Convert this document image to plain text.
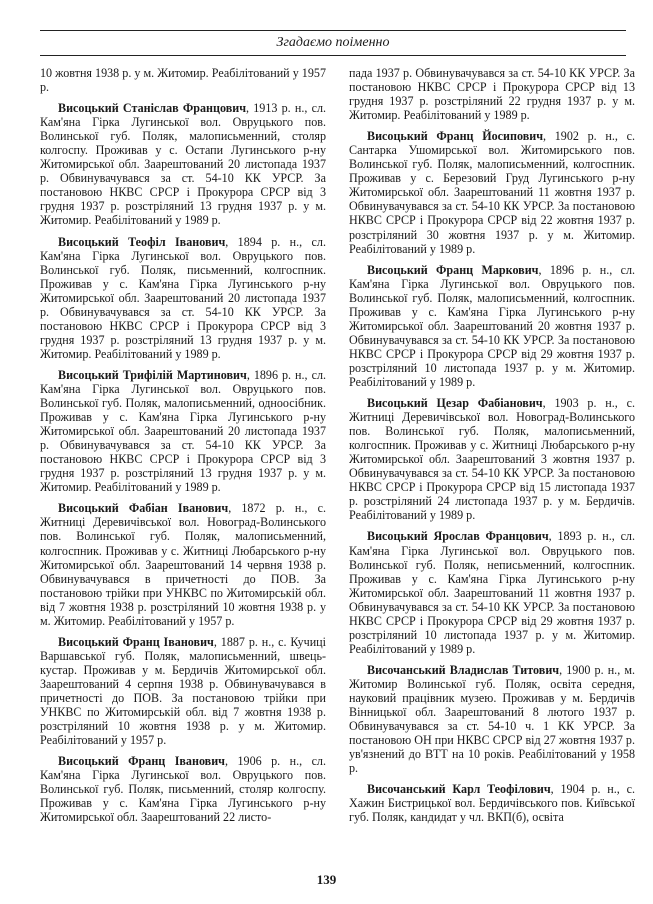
Згадаємо поіменно

10 жовтня 1938 р. у м. Житомир. Реабілітований у 1957 р.

Висоцький Станіслав Францович, 1913 р. н., сл. Кам'яна Гірка Лугинської вол. Овруцького пов. Волинської губ. Поляк, малописьменний, столяр колгоспу. Проживав у с. Остапи Лугинського р-ну Житомирської обл. Заарештований 20 листопада 1937 р. Обвинувачувався за ст. 54-10 КК УРСР. За постановою НКВС СРСР і Прокурора СРСР від 3 грудня 1937 р. розстріляний 13 грудня 1937 р. у м. Житомир. Реабілітований у 1989 р.

Висоцький Теофіл Іванович, 1894 р. н., сл. Кам'яна Гірка Лугинської вол. Овруцького пов. Волинської губ. Поляк, письменний, колгоспник. Проживав у с. Кам'яна Гірка Лугинського р-ну Житомирської обл. Заарештований 20 листопада 1937 р. Обвинувачувався за ст. 54-10 КК УРСР. За постановою НКВС СРСР і Прокурора СРСР від 3 грудня 1937 р. розстріляний 13 грудня 1937 р. у м. Житомир. Реабілітований у 1989 р.

Висоцький Трифілій Мартинович, 1896 р. н., сл. Кам'яна Гірка Лугинської вол. Овруцького пов. Волинської губ. Поляк, малописьменний, одноосібник. Проживав у с. Кам'яна Гірка Лугинського р-ну Житомирської обл. Заарештований 20 листопада 1937 р. Обвинувачувався за ст. 54-10 КК УРСР. За постановою НКВС СРСР і Прокурора СРСР від 3 грудня 1937 р. розстріляний 13 грудня 1937 р. у м. Житомир. Реабілітований у 1989 р.

Висоцький Фабіан Іванович, 1872 р. н., с. Житниці Деревичівської вол. Новоград-Волинського пов. Волинської губ. Поляк, малописьменний, колгоспник. Проживав у с. Житниці Любарського р-ну Житомирської обл. Заарештований 14 червня 1938 р. Обвинувачувався в причетності до ПОВ. За постановою трійки при УНКВС по Житомирській обл. від 7 жовтня 1938 р. розстріляний 10 жовтня 1938 р. у м. Житомир. Реабілітований у 1957 р.

Висоцький Франц Іванович, 1887 р. н., с. Кучиці Варшавської губ. Поляк, малописьменний, швець-кустар. Проживав у м. Бердичів Житомирської обл. Заарештований 4 серпня 1938 р. Обвинувачувався в причетності до ПОВ. За постановою трійки при УНКВС по Житомирській обл. від 7 жовтня 1938 р. розстріляний 10 жовтня 1938 р. у м. Житомир. Реабілітований у 1957 р.

Висоцький Франц Іванович, 1906 р. н., сл. Кам'яна Гірка Лугинської вол. Овруцького пов. Волинської губ. Поляк, письменний, столяр колгоспу. Проживав у с. Кам'яна Гірка Лугинського р-ну Житомирської обл. Заарештований 22 листо-

пада 1937 р. Обвинувачувався за ст. 54-10 КК УРСР. За постановою НКВС СРСР і Прокурора СРСР від 13 грудня 1937 р. розстріляний 22 грудня 1937 р. у м. Житомир. Реабілітований у 1989 р.

Висоцький Франц Йосипович, 1902 р. н., с. Сантарка Ушомирської вол. Житомирського пов. Волинської губ. Поляк, малописьменний, колгоспник. Проживав у с. Березовий Груд Лугинського р-ну Житомирської обл. Заарештований 11 жовтня 1937 р. Обвинувачувався за ст. 54-10 КК УРСР. За постановою НКВС СРСР і Прокурора СРСР від 22 жовтня 1937 р. розстріляний 30 жовтня 1937 р. у м. Житомир. Реабілітований у 1989 р.

Висоцький Франц Маркович, 1896 р. н., сл. Кам'яна Гірка Лугинської вол. Овруцького пов. Волинської губ. Поляк, малописьменний, колгоспник. Проживав у с. Кам'яна Гірка Лугинського р-ну Житомирської обл. Заарештований 20 жовтня 1937 р. Обвинувачувався за ст. 54-10 КК УРСР. За постановою НКВС СРСР і Прокурора СРСР від 29 жовтня 1937 р. розстріляний 10 листопада 1937 р. у м. Житомир. Реабілітований у 1989 р.

Висоцький Цезар Фабіанович, 1903 р. н., с. Житниці Деревичівської вол. Новоград-Волинського пов. Волинської губ. Поляк, малописьменний, колгоспник. Проживав у с. Житниці Любарського р-ну Житомирської обл. Заарештований 3 жовтня 1937 р. Обвинувачувався за ст. 54-10 КК УРСР. За постановою НКВС СРСР і Прокурора СРСР від 15 листопада 1937 р. розстріляний 24 листопада 1937 р. у м. Бердичів. Реабілітований у 1989 р.

Висоцький Ярослав Францович, 1893 р. н., сл. Кам'яна Гірка Лугинської вол. Овруцького пов. Волинської губ. Поляк, неписьменний, колгоспник. Проживав у с. Кам'яна Гірка Лугинського р-ну Житомирської обл. Заарештований 11 жовтня 1937 р. Обвинувачувався за ст. 54-10 КК УРСР. За постановою НКВС СРСР і Прокурора СРСР від 29 жовтня 1937 р. розстріляний 10 листопада 1937 р. у м. Житомир. Реабілітований у 1989 р.

Височанський Владислав Титович, 1900 р. н., м. Житомир Волинської губ. Поляк, освіта середня, науковий працівник музею. Проживав у м. Бердичів Вінницької обл. Заарештований 8 лютого 1937 р. Обвинувачувався за ст. 54-10 ч. 1 КК УРСР. За постановою ОН при НКВС СРСР від 27 жовтня 1937 р. ув'язнений до ВТТ на 10 років. Реабілітований у 1958 р.

Височанський Карл Теофілович, 1904 р. н., с. Хажин Бистрицької вол. Бердичівського пов. Київської губ. Поляк, кандидат у чл. ВКП(б), освіта

139
